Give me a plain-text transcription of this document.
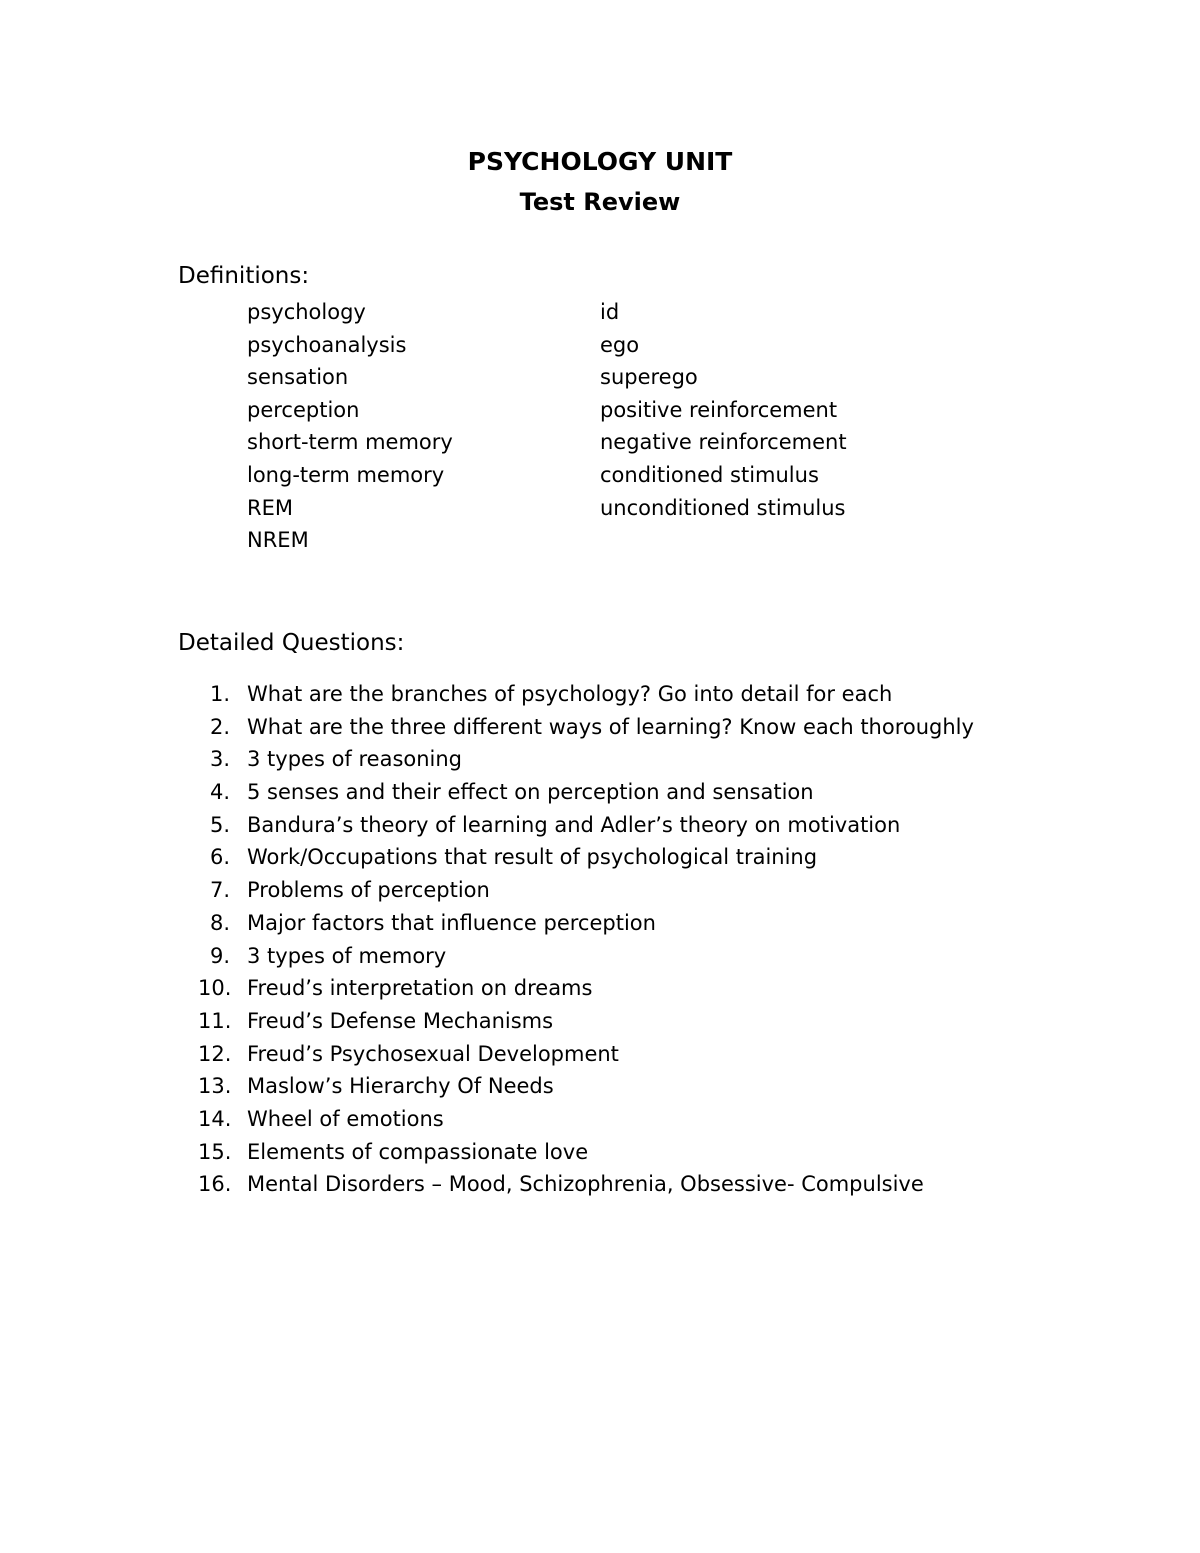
PSYCHOLOGY UNIT
Test Review
Definitions:
psychology
psychoanalysis
sensation
perception
short-term memory
long-term memory
REM
NREM
id
ego
superego
positive reinforcement
negative reinforcement
conditioned stimulus
unconditioned stimulus
Detailed Questions:
1. What are the branches of psychology? Go into detail for each
2. What are the three different ways of learning? Know each thoroughly
3. 3 types of reasoning
4. 5 senses and their effect on perception and sensation
5. Bandura’s theory of learning and Adler’s theory on motivation
6. Work/Occupations that result of psychological training
7. Problems of perception
8. Major factors that influence perception
9. 3 types of memory
10. Freud’s interpretation on dreams
11. Freud’s Defense Mechanisms
12. Freud’s Psychosexual Development
13. Maslow’s Hierarchy Of Needs
14. Wheel of emotions
15. Elements of compassionate love
16. Mental Disorders – Mood, Schizophrenia, Obsessive- Compulsive
